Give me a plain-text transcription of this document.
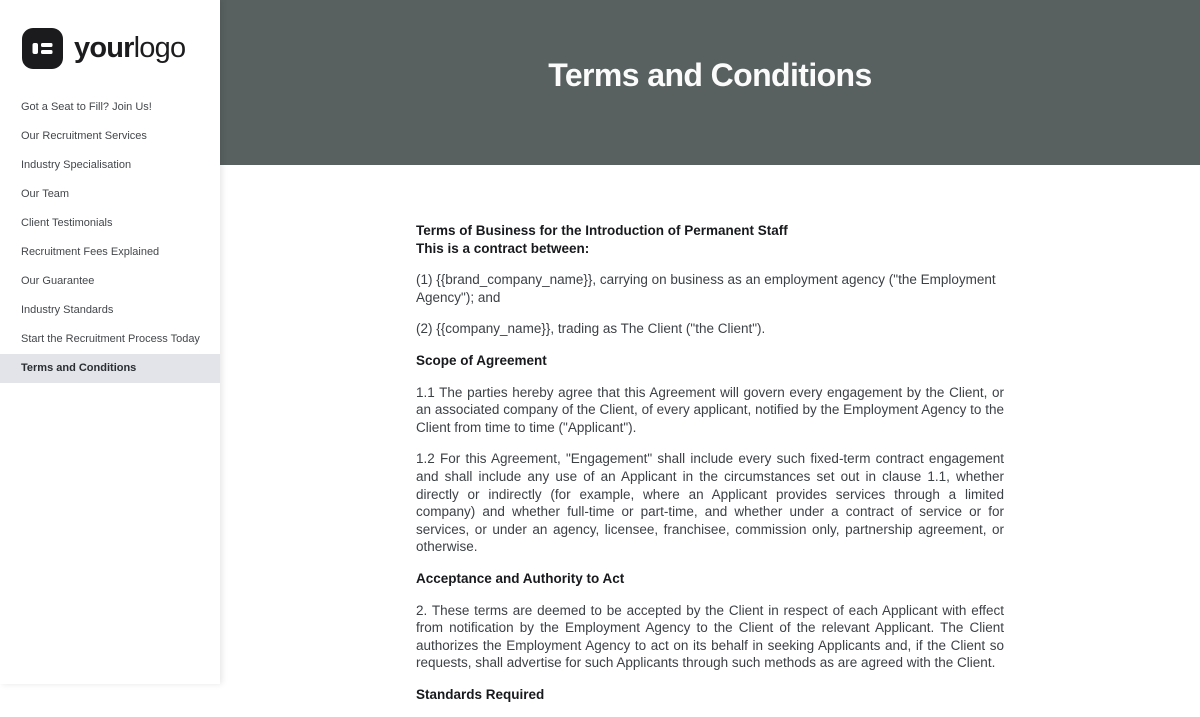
yourlogo
Got a Seat to Fill? Join Us!
Our Recruitment Services
Industry Specialisation
Our Team
Client Testimonials
Recruitment Fees Explained
Our Guarantee
Industry Standards
Start the Recruitment Process Today
Terms and Conditions
Terms and Conditions
Terms of Business for the Introduction of Permanent Staff
This is a contract between:
(1) {{brand_company_name}}, carrying on business as an employment agency ("the Employment Agency"); and
(2) {{company_name}}, trading as The Client ("the Client").
Scope of Agreement
1.1 The parties hereby agree that this Agreement will govern every engagement by the Client, or an associated company of the Client, of every applicant, notified by the Employment Agency to the Client from time to time ("Applicant").
1.2 For this Agreement, "Engagement" shall include every such fixed-term contract engagement and shall include any use of an Applicant in the circumstances set out in clause 1.1, whether directly or indirectly (for example, where an Applicant provides services through a limited company) and whether full-time or part-time, and whether under a contract of service or for services, or under an agency, licensee, franchisee, commission only, partnership agreement, or otherwise.
Acceptance and Authority to Act
2. These terms are deemed to be accepted by the Client in respect of each Applicant with effect from notification by the Employment Agency to the Client of the relevant Applicant. The Client authorizes the Employment Agency to act on its behalf in seeking Applicants and, if the Client so requests, shall advertise for such Applicants through such methods as are agreed with the Client.
Standards Required
